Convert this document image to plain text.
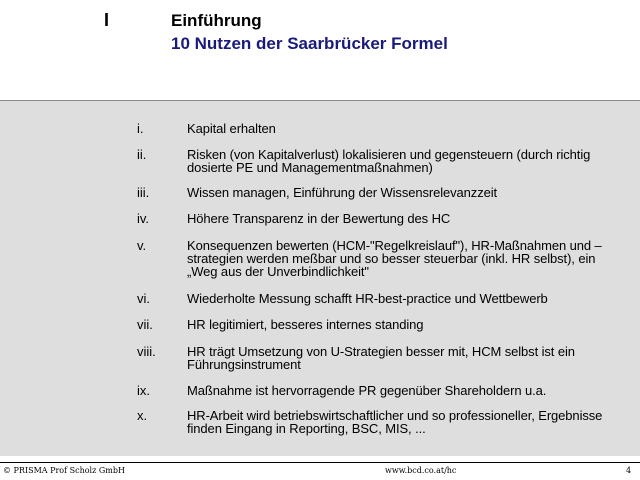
I	Einführung
10 Nutzen der Saarbrücker Formel
i.	Kapital erhalten
ii.	Risken (von Kapitalverlust) lokalisieren und gegensteuern (durch richtig dosierte PE und Managementmaßnahmen)
iii.	Wissen managen, Einführung der Wissensrelevanzzeit
iv.	Höhere Transparenz in der Bewertung des HC
v.	Konsequenzen bewerten (HCM-"Regelkreislauf"), HR-Maßnahmen und –strategien werden meßbar und so besser steuerbar (inkl. HR selbst), ein „Weg aus der Unverbindlichkeit"
vi.	Wiederholte Messung schafft HR-best-practice und Wettbewerb
vii.	HR legitimiert, besseres internes standing
viii. HR trägt Umsetzung von U-Strategien besser mit, HCM selbst ist ein Führungsinstrument
ix.	Maßnahme ist hervorragende PR gegenüber Shareholdern u.a.
x.	HR-Arbeit wird betriebswirtschaftlicher und so professioneller, Ergebnisse finden Eingang in Reporting, BSC, MIS, ...
© PRISMA Prof Scholz GmbH	www.bcd.co.at/hc	4
